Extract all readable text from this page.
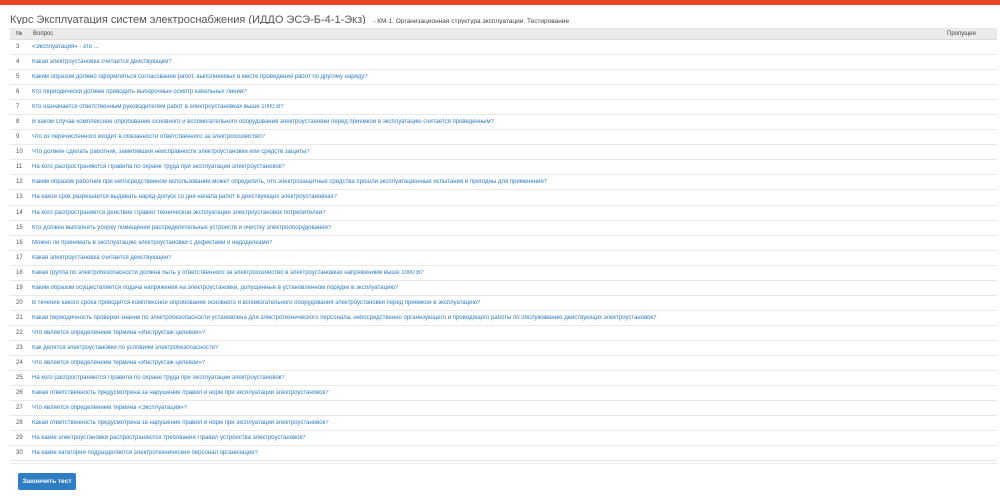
Курс Эксплуатация систем электроснабжения (ИДДО ЭСЭ-Б-4-1-Экз) - КМ-1. Организационная структура эксплуатации. Тестирование
№	Вопрос	Пропущен
3	«Эксплуатация» - это ...
4	Какая электроустановка считается действующей?
5	Каким образом должно оформляться согласование работ, выполняемых в месте проведения работ по другому наряду?
6	Кто периодически должен проводить выборочный осмотр кабельных линий?
7	Кто назначается ответственным руководителем работ в электроустановках выше 1000 В?
8	В каком случае комплексное опробование основного и вспомогательного оборудования электроустановки перед приемкой в эксплуатацию считается проведенным?
9	Что из перечисленного входит в обязанности ответственного за электрохозяйство?
10	Что должен сделать работник, заметивший неисправности электроустановки или средств защиты?
11	На кого распространяются Правила по охране труда при эксплуатации электроустановок?
12	Каким образом работник при непосредственном использовании может определить, что электрозащитные средства прошли эксплуатационные испытания и пригодны для применения?
13	На какой срок разрешается выдавать наряд-допуск со дня начала работ в действующих электроустановках?
14	На кого распространяется действие Правил технической эксплуатации электроустановок потребителей?
15	Кто должен выполнять уборку помещений распределительных устройств и очистку электрооборудования?
16	Можно ли принимать в эксплуатацию электроустановки с дефектами и недоделками?
17	Какая электроустановка считается действующей?
18	Какая группа по электробезопасности должна быть у ответственного за электрохозяйство в электроустановках напряжением выше 1000 В?
19	Каким образом осуществляется подача напряжения на электроустановки, допущенные в установленном порядке в эксплуатацию?
20	В течение какого срока проводится комплексное опробование основного и вспомогательного оборудования электроустановки перед приемкой в эксплуатацию?
21	Какая периодичность проверки знаний по электробезопасности установлена для электротехнического персонала, непосредственно организующего и проводящего работы по обслуживанию действующих электроустановок?
22	Что является определением термина «Инструктаж целевой»?
23	Как делятся электроустановки по условиям электробезопасности?
24	Что является определением термина «Инструктаж целевой»?
25	На кого распространяются Правила по охране труда при эксплуатации электроустановок?
26	Какая ответственность предусмотрена за нарушение правил и норм при эксплуатации электроустановок?
27	Что является определением термина «Эксплуатация»?
28	Какая ответственность предусмотрена за нарушение правил и норм при эксплуатации электроустановок?
29	На какие электроустановки распространяются требования Правил устройства электроустановок?
30	На какие категории подразделяется электротехнический персонал организации?
Закончить тест
